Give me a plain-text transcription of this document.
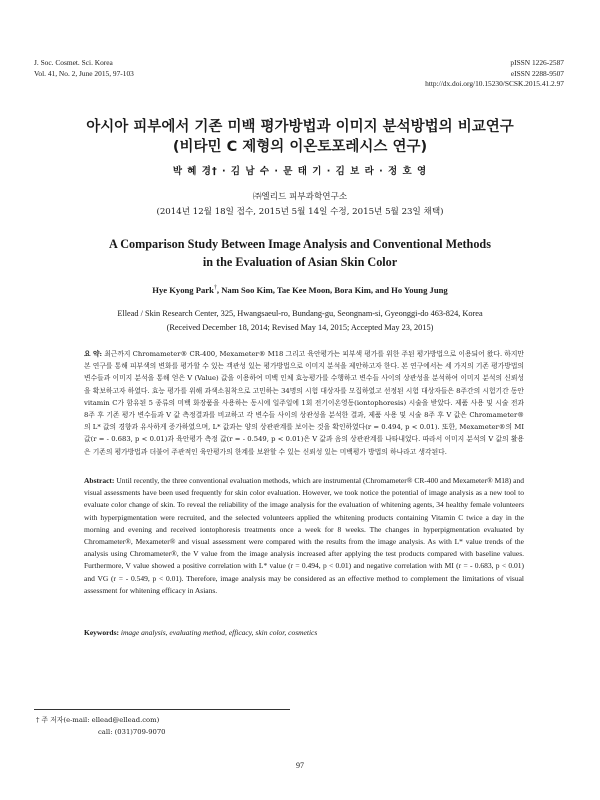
J. Soc. Cosmet. Sci. Korea
Vol. 41, No. 2, June 2015, 97-103
pISSN 1226-2587
eISSN 2288-9507
http://dx.doi.org/10.15230/SCSK.2015.41.2.97
아시아 피부에서 기존 미백 평가방법과 이미지 분석방법의 비교연구
(비타민 C 제형의 이온토포레시스 연구)
박 혜 경† · 김 남 수 · 문 태 기 · 김 보 라 · 정 호 영
㈜엘리드 피부과학연구소
(2014년 12월 18일 접수, 2015년 5월 14일 수정, 2015년 5월 23일 채택)
A Comparison Study Between Image Analysis and Conventional Methods
in the Evaluation of Asian Skin Color
Hye Kyong Park†, Nam Soo Kim, Tae Kee Moon, Bora Kim, and Ho Young Jung
Ellead / Skin Research Center, 325, Hwangsaeul-ro, Bundang-gu, Seongnam-si, Gyeonggi-do 463-824, Korea
(Received December 18, 2014; Revised May 14, 2015; Accepted May 23, 2015)
요 약: 최근까지 Chromameter® CR-400, Mexameter® M18 그리고 육안평가는 피부색 평가를 위한 주된 평가방법으로 이용되어 왔다. 하지만 본 연구를 통해 피부색의 변화를 평가할 수 있는 객관성 있는 평가방법으로 이미지 분석을 제안하고자 한다. 본 연구에서는 세 가지의 기존 평가방법의 변수들과 이미지 분석을 통해 얻은 V (Value) 값을 이용하여 미백 인체 효능평가를 수행하고 변수들 사이의 상관성을 분석하여 이미지 분석의 신뢰성을 확보하고자 하였다. 효능 평가를 위해 과색소침착으로 고민하는 34명의 시험 대상자를 모집하였고 선정된 시험 대상자들은 8주간의 시험기간 동안 vitamin C가 함유된 5 종류의 미백 화장품을 사용하는 동시에 일주일에 1회 전기이온영동(iontophoresis) 시술을 받았다. 제품 사용 및 시술 전과 8주 후 기존 평가 변수들과 V 값 측정결과를 비교하고 각 변수들 사이의 상관성을 분석한 결과, 제품 사용 및 시술 8주 후 V 값은 Chromameter®의 L* 값의 경향과 유사하게 증가하였으며, L* 값과는 양의 상관관계를 보이는 것을 확인하였다(r = 0.494, p < 0.01). 또한, Mexameter®의 MI 값(r = - 0.683, p < 0.01)과 육안평가 측정 값(r = - 0.549, p < 0.01)은 V 값과 음의 상관관계를 나타내었다. 따라서 이미지 분석의 V 값의 활용은 기존의 평가방법과 더불어 주관적인 육안평가의 한계를 보완할 수 있는 신뢰성 있는 미백평가 방법의 하나라고 생각된다.
Abstract: Until recently, the three conventional evaluation methods, which are instrumental (Chromameter® CR-400 and Mexameter® M18) and visual assessments have been used frequently for skin color evaluation. However, we took notice the potential of image analysis as a new tool to evaluate color change of skin. To reveal the reliability of the image analysis for the evaluation of whitening agents, 34 healthy female volunteers with hyperpigmentation were recruited, and the selected volunteers applied the whitening products containing Vitamin C twice a day in the morning and evening and received iontophoresis treatments once a week for 8 weeks. The changes in hyperpigmentation evaluated by Chromameter®, Mexameter® and visual assessment were compared with the results from the image analysis. As with L* value trends of the analysis using Chromameter®, the V value from the image analysis increased after applying the test products compared with baseline values. Furthermore, V value showed a positive correlation with L* value (r = 0.494, p < 0.01) and negative correlation with MI (r = - 0.683, p < 0.01) and VG (r = - 0.549, p < 0.01). Therefore, image analysis may be considered as an effective method to complement the limitations of visual assessment for whitening efficacy in Asians.
Keywords: image analysis, evaluating method, efficacy, skin color, cosmetics
† 주 저자(e-mail: ellead@ellead.com)
call: (031)709-9070
97
